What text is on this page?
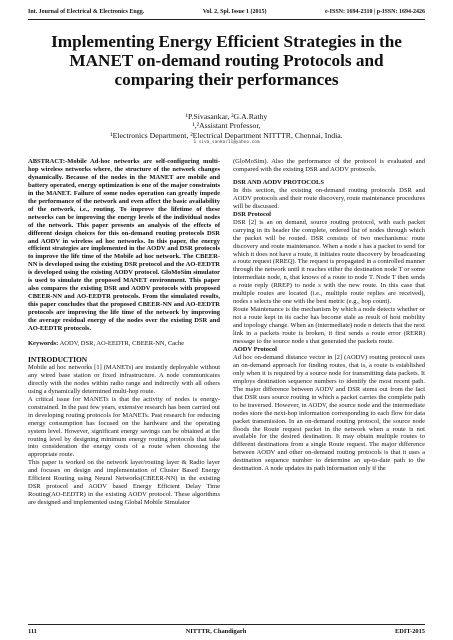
Int. Journal of Electrical & Electronics Engg.	Vol. 2, Spl. Issue 1 (2015)	e-ISSN: 1694-2310 | p-ISSN: 1694-2426
Implementing Energy Efficient Strategies in the MANET on-demand routing Protocols and comparing their performances
¹P.Sivasankar, ²G.A.Rathy
¹,²Assistant Professor,
¹Electronics Department, ²Electrical Department NITTTR, Chennai, India.
1 siva_sankar11@yahoo.com

ABSTRACT:-Mobile Ad-hoc networks are self-configuring multi-hop wireless networks where, the structure of the network changes dynamically. Because of the nodes in the MANET are mobile and battery operated, energy optimization is one of the major constraints in the MANET. Failure of some nodes operation can greatly impede the performance of the network and even affect the basic availability of the network, i.e., routing. To improve the lifetime of these networks can be improving the energy levels of the individual nodes of the network. This paper presents an analysis of the effects of different design choices for this on-demand routing protocols DSR and AODV in wireless ad hoc networks. In this paper, the energy efficient strategies are implemented in the AODV and DSR protocols to improve the life time of the Mobile ad hoc network. The CBEER-NN is developed using the existing DSR protocol and the AO-EEDTR is developed using the existing AODV protocol. GloMoSim simulator is used to simulate the proposed MANET environment. This paper also compares the existing DSR and AODV protocols with proposed CBEER-NN and AO-EEDTR protocols. From the simulated results, this paper concludes that the proposed CBEER-NN and AO-EEDTR protocols are improving the life time of the network by improving the average residual energy of the nodes over the existing DSR and AO-EEDTR protocols.

Keywords: AODV, DSR, AO-EEDTR, CBEER-NN, Cache

INTRODUCTION

Mobile ad hoc networks [1] (MANETs) are instantly deployable without any wired base station or fixed infrastructure. A node communicates directly with the nodes within radio range and indirectly with all others using a dynamically determined multi-hop route.

A critical issue for MANETs is that the activity of nodes is energy-constrained. In the past few years, extensive research has been carried out in developing routing protocols for MANETs. Past research for reducing energy consumption has focused on the hardware and the operating system level. However, significant energy savings can be obtained at the routing level by designing minimum energy routing protocols that take into consideration the energy costs of a route when choosing the appropriate route.

This paper is worked on the network layer/routing layer & Radio layer and focuses on design and implementation of Cluster Based Energy Efficient Routing using Neural Networks(CBEER-NN) in the existing DSR protocol and AODV based Energy Efficient Delay Time Routing(AO-EEDTR) in the existing AODV protocol. These algorithms are designed and implemented using Global Mobile Simulator

(GloMoSim). Also the performance of the protocol is evaluated and compared with the existing DSR and AODV protocols.

DSR AND AODV PROTOCOLS

In this section, the existing on-demand routing protocols DSR and AODV protocols and their route discovery, route maintenance procedures will be discussed.

DSR Protocol

DSR [2] is an on demand, source routing protocol, with each packet carrying in its header the complete, ordered list of nodes through which the packet will be routed. DSR consists of two mechanisms: route discovery and route maintenance. When a node s has a packet to send for which it does not have a route, it initiates route discovery by broadcasting a route request (RREQ). The request is propagated in a controlled manner through the network until it reaches either the destination node T or some intermediate node, n, that knows of a route to node T. Node T then sends a route reply (RREP) to node s with the new route. In this case that multiple routes are located (i.e., multiple route replies are received), nodes s selects the one with the best metric (e.g., hop count).

Route Maintenance is the mechanism by which a node detects whether or not a route kept in its cache has become stale as result of host mobility and topology change. When an (intermediate) node n detects that the next link in a packets route is broken, it first sends a route error (RERR) message to the source node s that generated the packets route.

AODV Protocol

Ad hoc on-demand distance vector in [2] (AODV) routing protocol uses an on-demand approach for finding routes, that is, a route is established only when it is required by a source node for transmitting data packets. It employs destination sequence numbers to identify the most recent path. The major difference between AODV and DSR stems out from the fact that DSR uses source routing in which a packet carries the complete path to be traversed. However, in AODV, the source node and the intermediate nodes store the next-hop information corresponding to each flow for data packet transmission. In an on-demand routing protocol, the source node floods the Route request packet in the network when a route is not available for the desired destination. It may obtain multiple routes to different destinations from a single Route request. The major difference between AODV and other on-demand routing protocols is that it uses a destination sequence number to determine an up-to-date path to the destination. A node updates its path information only if the

111	NITTTR, Chandigarh	EDIT-2015
